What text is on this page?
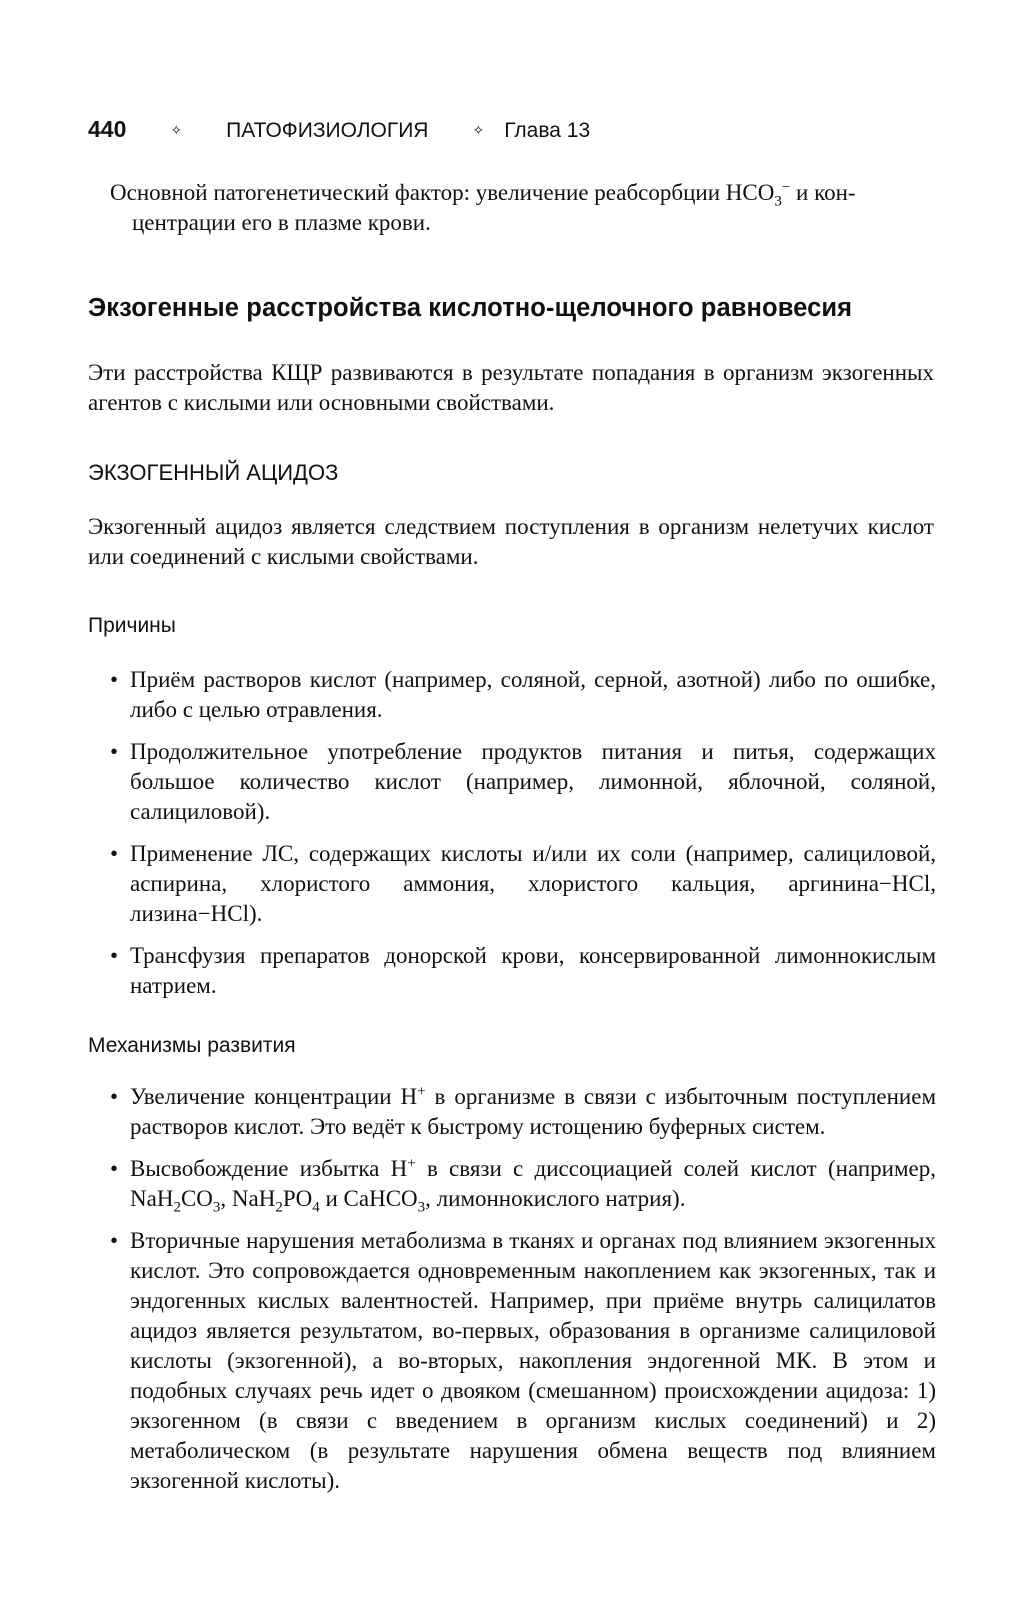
440	✧ ПАТОФИЗИОЛОГИЯ	✧ Глава 13
Основной патогенетический фактор: увеличение реабсорбции $HCO_3^-$ и кон-
центрации его в плазме крови.
Экзогенные расстройства кислотно-щелочного равновесия

Эти расстройства КЩР развиваются в результате попадания в организм экзогенных агентов с кислыми или основными свойствами.

ЭКЗОГЕННЫЙ АЦИДОЗ

Экзогенный ацидоз является следствием поступления в организм нелетучих кислот или соединений с кислыми свойствами.

Причины
• Приём растворов кислот (например, соляной, серной, азотной) либо по ошибке, либо с целью отравления.
• Продолжительное употребление продуктов питания и питья, содержащих большое количество кислот (например, лимонной, яблочной, соляной, салициловой).
• Применение ЛС, содержащих кислоты и/или их соли (например, салициловой, аспирина, хлористого аммония, хлористого кальция, аргинина−HCl, лизина−HCl).
• Трансфузия препаратов донорской крови, консервированной лимоннокислым натрием.
Механизмы развития
• Увеличение концентрации H+ в организме в связи с избыточным поступлением растворов кислот. Это ведёт к быстрому истощению буферных систем.
• Высвобождение избытка H+ в связи с диссоциацией солей кислот (например, $NaH_2CO_3$, $NaH_2PO_4$ и CaHCO$_3$, лимоннокислого натрия).
• Вторичные нарушения метаболизма в тканях и органах под влиянием экзогенных кислот. Это сопровождается одновременным накоплением как экзогенных, так и эндогенных кислых валентностей. Например, при приёме внутрь салицилатов ацидоз является результатом, во-первых, образования в организме салициловой кислоты (экзогенной), а во-вторых, накопления эндогенной МК. В этом и подобных случаях речь идет о двояком (смешанном) происхождении ацидоза: 1) экзогенном (в связи с введением в организм кислых соединений) и 2) метаболическом (в результате нарушения обмена веществ под влиянием экзогенной кислоты).
